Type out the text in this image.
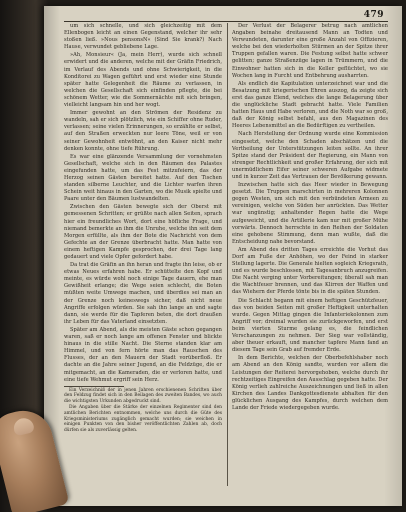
479

um sich schnelle, und sich gleichzeitig mit dem Ellenbogen leicht an einen Gegenstand, welcher ihr sehr stoßen ließ. »Nous pensonsN« (Sind Sie krank?) Nach Hause, verwundet gebliebene Lage.

»Ah, Monsieur« (Ja, mein Herr), wurde sich schnell erwidert und die anderen, welche mit der Gräfin Friedrich, im Verlauf des Abends und ohne Schwierigkeit, in die Konditorei zu Wagen geführt und erst wieder eine Stunde später hatte Gelegenheit die Räume zu verlassen, in welchen die Gesellschaft sich einfinden pflegte, die bei schönem Wetter, wie die Sommernächte mit sich bringen, vielleicht langsam hin und her wogt.

Immer gewohnt an den Strömen der Residenz zu wandeln, sah er sich plötzlich, wie ein Schiffer ohne Ruder, verlassen; seine vielen Erinnerungen, so erzählte er selbst, auf den Straßen erweckten nur leere Töne, weil er von seiner Gewohnheit entwöhnt, an den Kaiser nicht mehr denken konnte, ohne tiefe Rührung.

Es war eine glänzende Versammlung der vornehmsten Gesellschaft, welche sich in den Räumen des Palastes eingefunden hatte, um das Fest mitzufeiern, das der Herzog seinen Gästen bereitet hatte. Auf den Tischen standen silberne Leuchter, und die Lichter warfen ihren Schein weit hinaus in den Garten, wo die Musik spielte und Paare unter den Bäumen lustwandelten.

Zwischen den Gästen bewegte sich der Oberst mit gemessenen Schritten; er grüßte nach allen Seiten, sprach hier ein freundliches Wort, dort eine höfliche Frage, und niemand bemerkte an ihm die Unruhe, welche ihn seit dem Morgen erfüllte, als ihm der Bote die Nachricht von dem Gefechte an der Grenze überbracht hatte. Man hatte von einem heftigen Kampfe gesprochen, der drei Tage lang gedauert und viele Opfer gefordert habe.

Da trat die Gräfin an ihn heran und fragte ihn leise, ob er etwas Neues erfahren habe. Er schüttelte den Kopf und meinte, es würde wohl noch einige Tage dauern, ehe man Gewißheit erlange; die Wege seien schlecht, die Boten müßten weite Umwege machen, und überdies sei man an der Grenze noch keineswegs sicher, daß nicht neue Angriffe erfolgen würden. Sie sah ihn lange an und sagte dann, sie werde für die Tapferen beten, die dort draußen ihr Leben für das Vaterland einsetzten.

Später am Abend, als die meisten Gäste schon gegangen waren, saß er noch lange am offenen Fenster und blickte hinaus in die stille Nacht. Die Sterne standen klar am Himmel, und von fern hörte man das Rauschen des Flusses, der an den Mauern der Stadt vorüberfloß. Er dachte an die Jahre seiner Jugend, an die Feldzüge, die er mitgemacht, an die Kameraden, die er verloren hatte, und eine tiefe Wehmut ergriff sein Herz.

Ein Verzeichniß der in jenen Jahren erschienenen Schriften über den Feldzug findet sich in den Beilagen des zweiten Bandes, wo auch die wichtigsten Urkunden abgedruckt sind.

Die Angaben über die Stärke der einzelnen Regimenter sind den amtlichen Berichten entnommen, welche uns durch die Güte des Kriegsministeriums zugänglich gemacht wurden; sie weichen in einigen Punkten von den bisher veröffentlichten Zahlen ab, doch dürfen sie als zuverlässig gelten.

Der Verlust der Belagerer betrug nach amtlichen Angaben beinahe dreitausend Mann an Todten und Verwundeten, darunter eine große Anzahl von Offizieren, welche bei den wiederholten Stürmen an der Spitze ihrer Truppen gefallen waren. Die Festung selbst hatte schwer gelitten; ganze Straßenzüge lagen in Trümmern, und die Einwohner hatten sich in die Keller geflüchtet, wo sie Wochen lang in Furcht und Entbehrung ausharrten.

Als endlich die Kapitulation unterzeichnet war und die Besatzung mit kriegerischen Ehren auszog, da zeigte sich erst das ganze Elend, welches die lange Belagerung über die unglückliche Stadt gebracht hatte. Viele Familien hatten Haus und Habe verloren, und die Noth war so groß, daß der König selbst befahl, aus den Magazinen des Heeres Lebensmittel an die Bedürftigen zu vertheilen.

Nach Herstellung der Ordnung wurde eine Kommission eingesetzt, welche den Schaden abschätzen und die Vertheilung der Unterstützungen leiten sollte. An ihrer Spitze stand der Präsident der Regierung, ein Mann von strenger Rechtlichkeit und großer Erfahrung, der sich mit unermüdlichem Eifer seiner schweren Aufgabe widmete und in kurzer Zeit das Vertrauen der Bevölkerung gewann.

Inzwischen hatte sich das Heer wieder in Bewegung gesetzt. Die Truppen marschirten in mehreren Kolonnen gegen Westen, um sich mit den verbündeten Armeen zu vereinigen, welche von Süden her anrückten. Das Wetter war ungünstig; anhaltender Regen hatte die Wege aufgeweicht, und die Artillerie kam nur mit großer Mühe vorwärts. Dennoch herrschte in den Reihen der Soldaten eine gehobene Stimmung, denn man wußte, daß die Entscheidung nahe bevorstand.

Am Abend des dritten Tages erreichte die Vorhut das Dorf am Fuße der Anhöhen, wo der Feind in starker Stellung lagerte. Die Generale hielten sogleich Kriegsrath, und es wurde beschlossen, mit Tagesanbruch anzugreifen. Die Nacht verging unter Vorbereitungen; überall sah man die Wachtfeuer brennen, und das Klirren der Waffen und das Wiehern der Pferde tönte bis in die späten Stunden.

Die Schlacht begann mit einem heftigen Geschützfeuer, das von beiden Seiten mit großer Heftigkeit unterhalten wurde. Gegen Mittag gingen die Infanteriekolonnen zum Angriff vor; dreimal wurden sie zurückgeworfen, und erst beim vierten Sturme gelang es, die feindlichen Verschanzungen zu nehmen. Der Sieg war vollständig, aber theuer erkauft, und mancher tapfere Mann fand an diesem Tage sein Grab auf fremder Erde.

In dem Berichte, welchen der Oberbefehlshaber noch am Abend an den König sandte, wurden vor allem die Leistungen der Reiterei hervorgehoben, welche durch ihr rechtzeitiges Eingreifen den Ausschlag gegeben hatte. Der König verlieh zahlreiche Auszeichnungen und ließ in allen Kirchen des Landes Dankgottesdienste abhalten für den glücklichen Ausgang des Kampfes, durch welchen dem Lande der Friede wiedergegeben wurde.
